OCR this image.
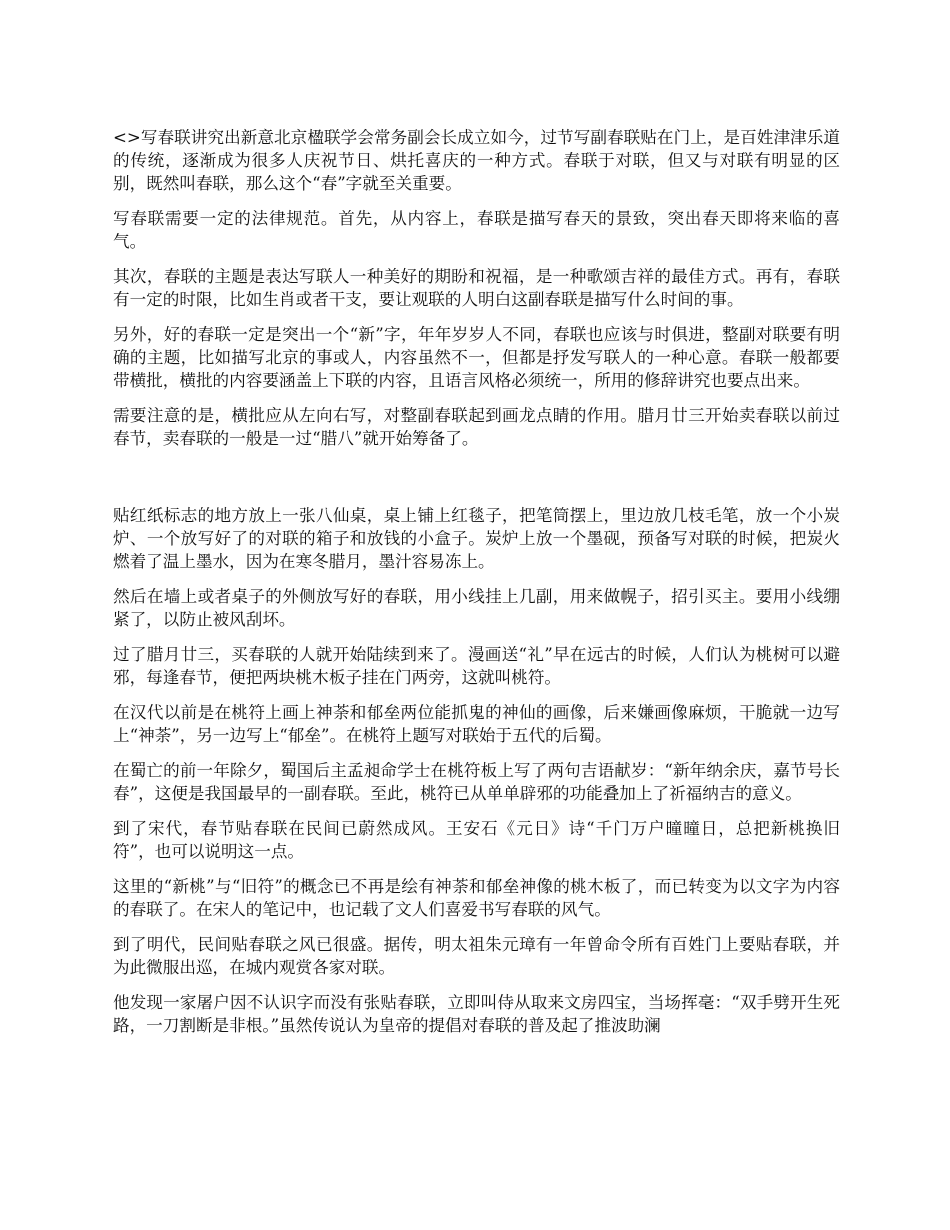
<>写春联讲究出新意北京楹联学会常务副会长成立如今，过节写副春联贴在门上，是百姓津津乐道的传统，逐渐成为很多人庆祝节日、烘托喜庆的一种方式。春联于对联，但又与对联有明显的区别，既然叫春联，那么这个“春”字就至关重要。

写春联需要一定的法律规范。首先，从内容上，春联是描写春天的景致，突出春天即将来临的喜气。

其次，春联的主题是表达写联人一种美好的期盼和祝福，是一种歌颂吉祥的最佳方式。再有，春联有一定的时限，比如生肖或者干支，要让观联的人明白这副春联是描写什么时间的事。

另外，好的春联一定是突出一个“新”字，年年岁岁人不同，春联也应该与时俱进，整副对联要有明确的主题，比如描写北京的事或人，内容虽然不一，但都是抒发写联人的一种心意。春联一般都要带横批，横批的内容要涵盖上下联的内容，且语言风格必须统一，所用的修辞讲究也要点出来。

需要注意的是，横批应从左向右写，对整副春联起到画龙点睛的作用。腊月廿三开始卖春联以前过春节，卖春联的一般是一过“腊八”就开始筹备了。

贴红纸标志的地方放上一张八仙桌，桌上铺上红毯子，把笔筒摆上，里边放几枝毛笔，放一个小炭炉、一个放写好了的对联的箱子和放钱的小盒子。炭炉上放一个墨砚，预备写对联的时候，把炭火燃着了温上墨水，因为在寒冬腊月，墨汁容易冻上。

然后在墙上或者桌子的外侧放写好的春联，用小线挂上几副，用来做幌子，招引买主。要用小线绷紧了，以防止被风刮坏。

过了腊月廿三，买春联的人就开始陆续到来了。漫画送“礼”早在远古的时候，人们认为桃树可以避邪，每逢春节，便把两块桃木板子挂在门两旁，这就叫桃符。

在汉代以前是在桃符上画上神荼和郁垒两位能抓鬼的神仙的画像，后来嫌画像麻烦，干脆就一边写上“神荼”，另一边写上“郁垒”。在桃符上题写对联始于五代的后蜀。

在蜀亡的前一年除夕，蜀国后主孟昶命学士在桃符板上写了两句吉语献岁：“新年纳余庆，嘉节号长春”，这便是我国最早的一副春联。至此，桃符已从单单辟邪的功能叠加上了祈福纳吉的意义。

到了宋代，春节贴春联在民间已蔚然成风。王安石《元日》诗“千门万户曈曈日，总把新桃换旧符”，也可以说明这一点。

这里的“新桃”与“旧符”的概念已不再是绘有神荼和郁垒神像的桃木板了，而已转变为以文字为内容的春联了。在宋人的笔记中，也记载了文人们喜爱书写春联的风气。

到了明代，民间贴春联之风已很盛。据传，明太祖朱元璋有一年曾命令所有百姓门上要贴春联，并为此微服出巡，在城内观赏各家对联。

他发现一家屠户因不认识字而没有张贴春联，立即叫侍从取来文房四宝，当场挥毫：“双手劈开生死路，一刀割断是非根。”虽然传说认为皇帝的提倡对春联的普及起了推波助澜
